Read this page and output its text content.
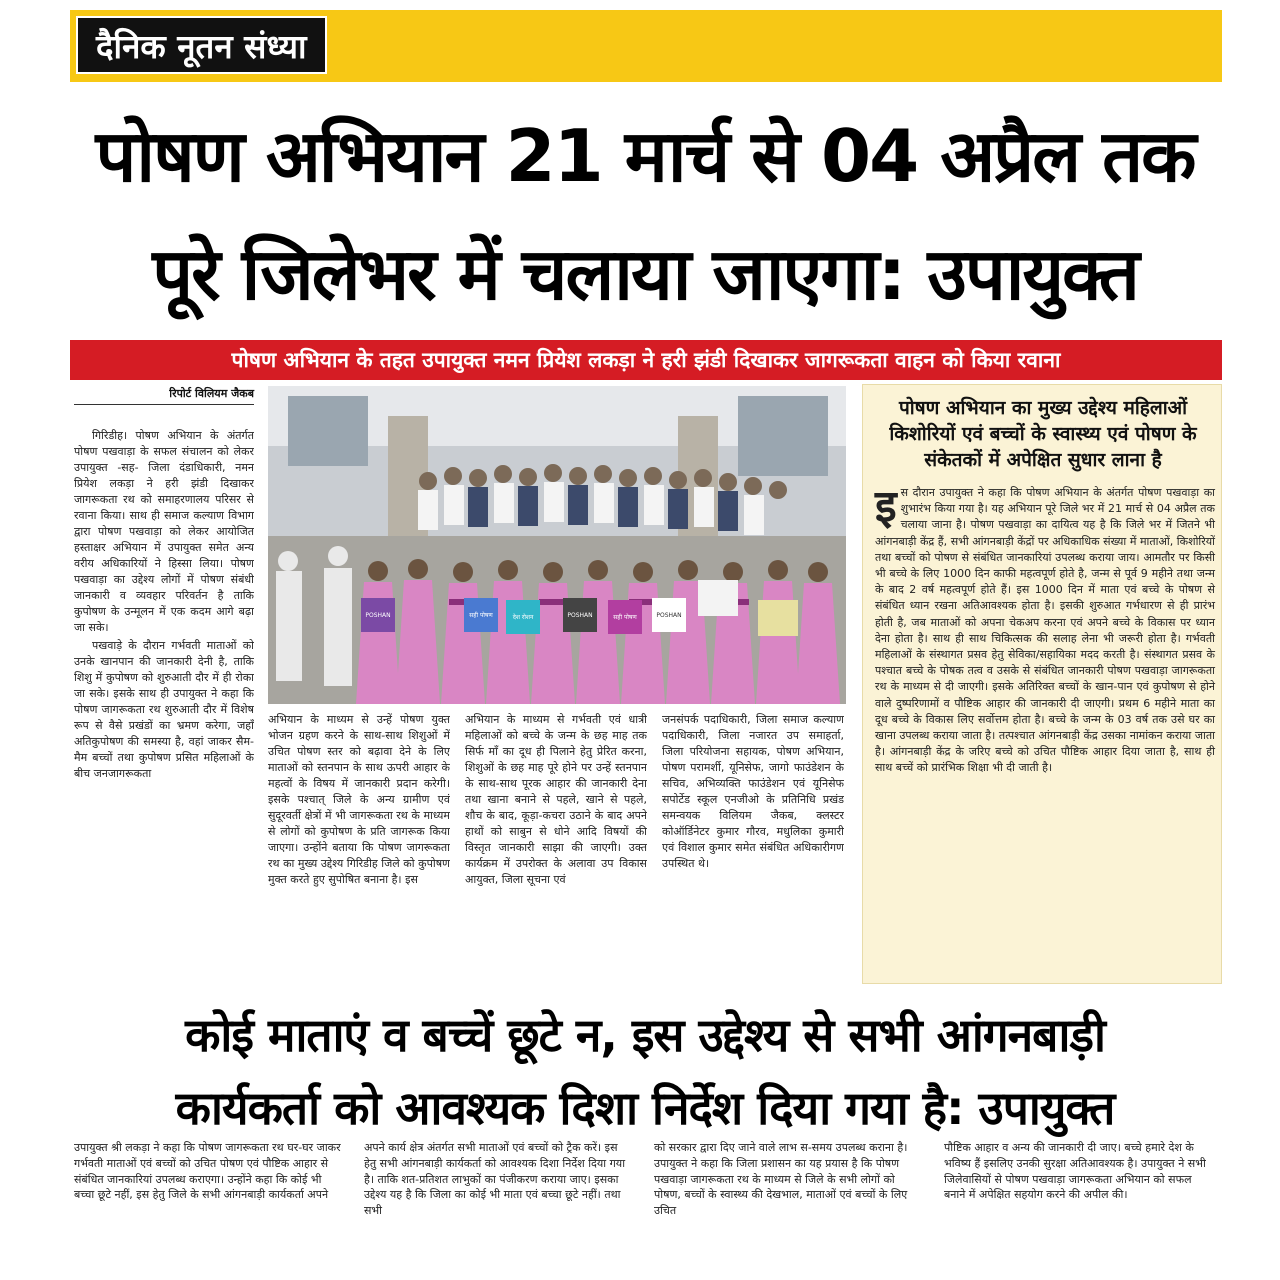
दैनिक नूतन संध्या
पोषण अभियान 21 मार्च से 04 अप्रैल तक
पूरे जिलेभर में चलाया जाएगा: उपायुक्त
पोषण अभियान के तहत उपायुक्त नमन प्रियेश लकड़ा ने हरी झंडी दिखाकर जागरूकता वाहन को किया रवाना
रिपोर्ट विलियम जैकब

गिरिडीह। पोषण अभियान के अंतर्गत पोषण पखवाड़ा के सफल संचालन को लेकर उपायुक्त -सह- जिला दंडाधिकारी, नमन प्रियेश लकड़ा ने हरी झंडी दिखाकर जागरूकता रथ को समाहरणालय परिसर से रवाना किया। साथ ही समाज कल्याण विभाग द्वारा पोषण पखवाड़ा को लेकर आयोजित हस्ताक्षर अभियान में उपायुक्त समेत अन्य वरीय अधिकारियों ने हिस्सा लिया। पोषण पखवाड़ा का उद्देश्य लोगों में पोषण संबंधी जानकारी व व्यवहार परिवर्तन है ताकि कुपोषण के उन्मूलन में एक कदम आगे बढ़ा जा सके।

पखवाड़े के दौरान गर्भवती माताओं को उनके खानपान की जानकारी देनी है, ताकि शिशु में कुपोषण को शुरुआती दौर में ही रोका जा सके। इसके साथ ही उपायुक्त ने कहा कि पोषण जागरूकता रथ शुरुआती दौर में विशेष रूप से वैसे प्रखंडों का भ्रमण करेगा, जहाँ अतिकुपोषण की समस्या है, वहां जाकर सैम-मैम बच्चों तथा कुपोषण प्रसित महिलाओं के बीच जनजागरूकता

POSHAN	सही पोषण	देश रोशन	POSHAN	सही पोषण	POSHAN

अभियान के माध्यम से उन्हें पोषण युक्त भोजन ग्रहण करने के साथ-साथ शिशुओं में उचित पोषण स्तर को बढ़ावा देने के लिए माताओं को स्तनपान के साथ ऊपरी आहार के महत्वों के विषय में जानकारी प्रदान करेगी। इसके पश्चात् जिले के अन्य ग्रामीण एवं सुदूरवर्ती क्षेत्रों में भी जागरूकता रथ के माध्यम से लोगों को कुपोषण के प्रति जागरूक किया जाएगा। उन्होंने बताया कि पोषण जागरूकता रथ का मुख्य उद्देश्य गिरिडीह जिले को कुपोषण मुक्त करते हुए सुपोषित बनाना है। इस

अभियान के माध्यम से गर्भवती एवं धात्री महिलाओं को बच्चे के जन्म के छह माह तक सिर्फ माँ का दूध ही पिलाने हेतु प्रेरित करना, शिशुओं के छह माह पूरे होने पर उन्हें स्तनपान के साथ-साथ पूरक आहार की जानकारी देना तथा खाना बनाने से पहले, खाने से पहले, शौच के बाद, कूड़ा-कचरा उठाने के बाद अपने हाथों को साबुन से धोने आदि विषयों की विस्तृत जानकारी साझा की जाएगी। उक्त कार्यक्रम में उपरोक्त के अलावा उप विकास आयुक्त, जिला सूचना एवं

जनसंपर्क पदाधिकारी, जिला समाज कल्याण पदाधिकारी, जिला नजारत उप समाहर्ता, जिला परियोजना सहायक, पोषण अभियान, पोषण परामर्शी, यूनिसेफ, जागो फाउंडेशन के सचिव, अभिव्यक्ति फाउंडेशन एवं यूनिसेफ सपोर्टेड स्कूल एनजीओ के प्रतिनिधि प्रखंड समन्वयक विलियम जैकब, क्लस्टर कोऑर्डिनेटर कुमार गौरव, मधुलिका कुमारी एवं विशाल कुमार समेत संबंधित अधिकारीगण उपस्थित थे।

पोषण अभियान का मुख्य उद्देश्य महिलाओं किशोरियों एवं बच्चों के स्वास्थ्य एवं पोषण के संकेतकों में अपेक्षित सुधार लाना है
इ स दौरान उपायुक्त ने कहा कि पोषण अभियान के अंतर्गत पोषण पखवाड़ा का शुभारंभ किया गया है। यह अभियान पूरे जिले भर में 21 मार्च से 04 अप्रैल तक चलाया जाना है। पोषण पखवाड़ा का दायित्व यह है कि जिले भर में जितने भी आंगनबाड़ी केंद्र हैं, सभी आंगनबाड़ी केंद्रों पर अधिकाधिक संख्या में माताओं, किशोरियों तथा बच्चों को पोषण से संबंधित जानकारियां उपलब्ध कराया जाय। आमतौर पर किसी भी बच्चे के लिए 1000 दिन काफी महत्वपूर्ण होते है, जन्म से पूर्व 9 महीने तथा जन्म के बाद 2 वर्ष महत्वपूर्ण होते हैं। इस 1000 दिन में माता एवं बच्चे के पोषण से संबंधित ध्यान रखना अतिआवश्यक होता है। इसकी शुरुआत गर्भधारण से ही प्रारंभ होती है, जब माताओं को अपना चेकअप करना एवं अपने बच्चे के विकास पर ध्यान देना होता है। साथ ही साथ चिकित्सक की सलाह लेना भी जरूरी होता है। गर्भवती महिलाओं के संस्थागत प्रसव हेतु सेविका/सहायिका मदद करती है। संस्थागत प्रसव के पश्चात बच्चे के पोषक तत्व व उसके से संबंधित जानकारी पोषण पखवाड़ा जागरूकता रथ के माध्यम से दी जाएगी। इसके अतिरिक्त बच्चों के खान-पान एवं कुपोषण से होने वाले दुष्परिणामों व पौष्टिक आहार की जानकारी दी जाएगी। प्रथम 6 महीने माता का दूध बच्चे के विकास लिए सर्वोत्तम होता है। बच्चे के जन्म के 03 वर्ष तक उसे घर का खाना उपलब्ध कराया जाता है। तत्पश्चात आंगनबाड़ी केंद्र उसका नामांकन कराया जाता है। आंगनबाड़ी केंद्र के जरिए बच्चे को उचित पौष्टिक आहार दिया जाता है, साथ ही साथ बच्चें को प्रारंभिक शिक्षा भी दी जाती है।
कोई माताएं व बच्चें छूटे न, इस उद्देश्य से सभी आंगनबाड़ी
कार्यकर्ता को आवश्यक दिशा निर्देश दिया गया है: उपायुक्त
उपायुक्त श्री लकड़ा ने कहा कि पोषण जागरूकता रथ घर-घर जाकर गर्भवती माताओं एवं बच्चों को उचित पोषण एवं पौष्टिक आहार से संबंधित जानकारियां उपलब्ध कराएगा। उन्होंने कहा कि कोई भी बच्चा छूटे नहीं, इस हेतु जिले के सभी आंगनबाड़ी कार्यकर्ता अपने
अपने कार्य क्षेत्र अंतर्गत सभी माताओं एवं बच्चों को ट्रैक करें। इस हेतु सभी आंगनबाड़ी कार्यकर्ता को आवश्यक दिशा निर्देश दिया गया है। ताकि शत-प्रतिशत लाभुकों का पंजीकरण कराया जाए। इसका उद्देश्य यह है कि जिला का कोई भी माता एवं बच्चा छूटे नहीं। तथा सभी
को सरकार द्वारा दिए जाने वाले लाभ स-समय उपलब्ध कराना है। उपायुक्त ने कहा कि जिला प्रशासन का यह प्रयास है कि पोषण पखवाड़ा जागरूकता रथ के माध्यम से जिले के सभी लोगों को पोषण, बच्चों के स्वास्थ्य की देखभाल, माताओं एवं बच्चों के लिए उचित
पौष्टिक आहार व अन्य की जानकारी दी जाए। बच्चे हमारे देश के भविष्य हैं इसलिए उनकी सुरक्षा अतिआवश्यक है। उपायुक्त ने सभी जिलेवासियों से पोषण पखवाड़ा जागरूकता अभियान को सफल बनाने में अपेक्षित सहयोग करने की अपील की।
